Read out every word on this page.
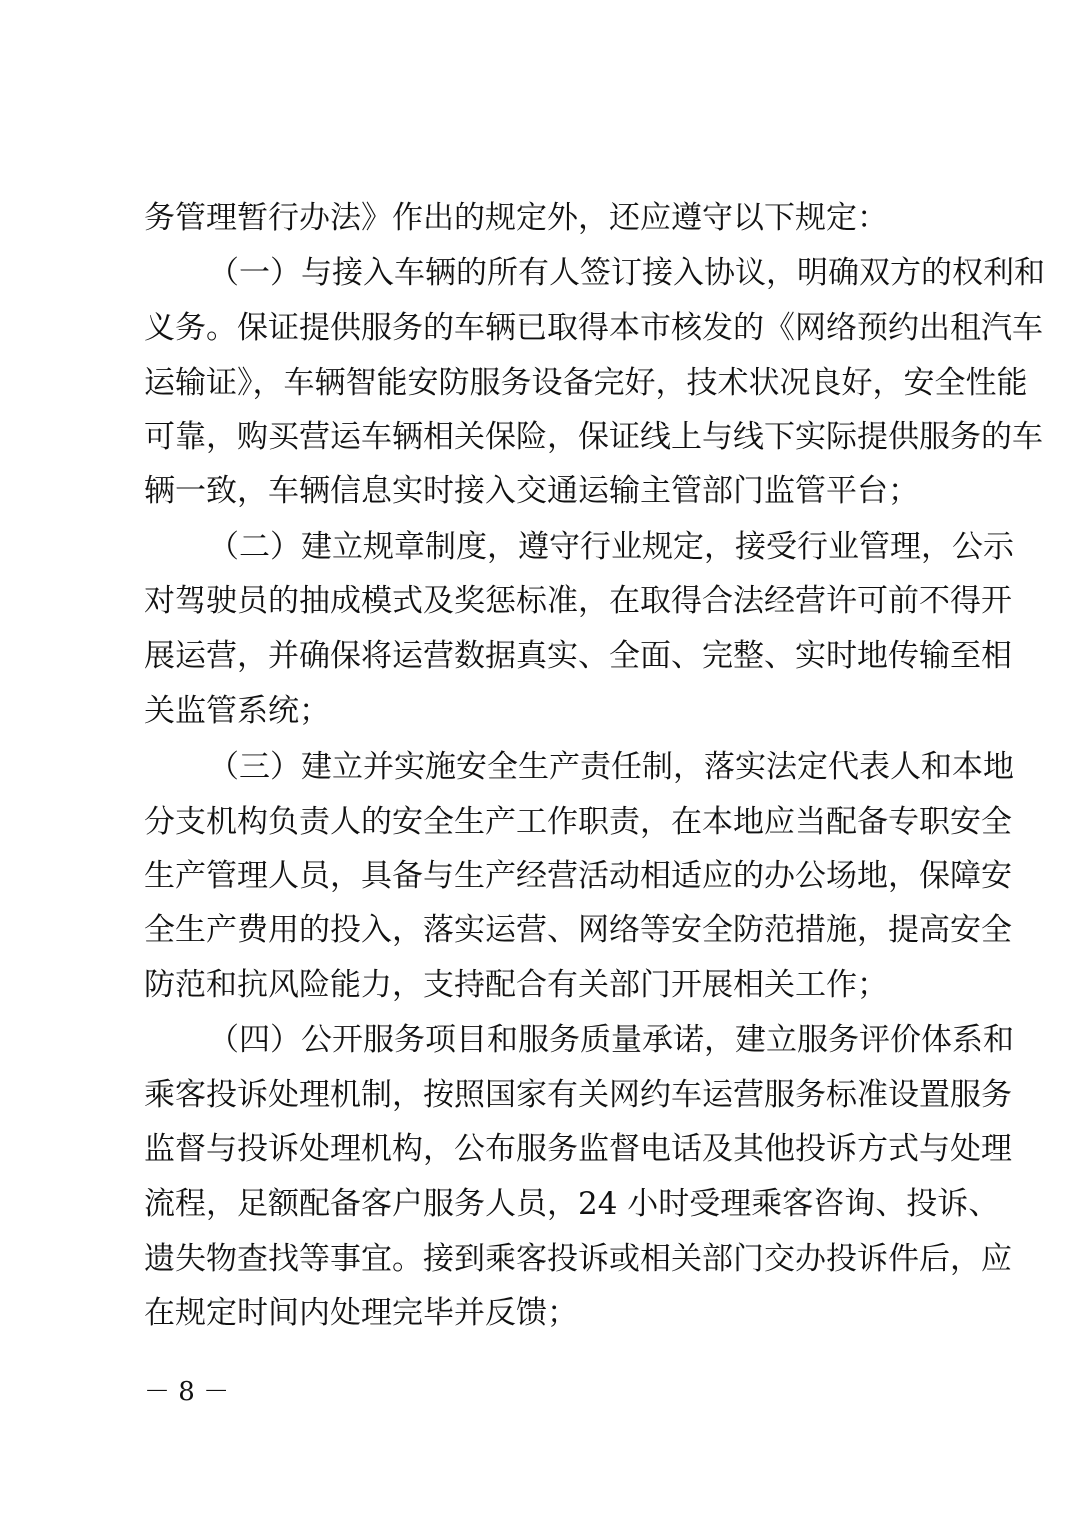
务管理暂行办法》作出的规定外，还应遵守以下规定：
（一）与接入车辆的所有人签订接入协议，明确双方的权利和
义务。保证提供服务的车辆已取得本市核发的《网络预约出租汽车
运输证》，车辆智能安防服务设备完好，技术状况良好，安全性能
可靠，购买营运车辆相关保险，保证线上与线下实际提供服务的车
辆一致，车辆信息实时接入交通运输主管部门监管平台；
（二）建立规章制度，遵守行业规定，接受行业管理，公示
对驾驶员的抽成模式及奖惩标准，在取得合法经营许可前不得开
展运营，并确保将运营数据真实、全面、完整、实时地传输至相
关监管系统；
（三）建立并实施安全生产责任制，落实法定代表人和本地
分支机构负责人的安全生产工作职责，在本地应当配备专职安全
生产管理人员，具备与生产经营活动相适应的办公场地，保障安
全生产费用的投入，落实运营、网络等安全防范措施，提高安全
防范和抗风险能力，支持配合有关部门开展相关工作；
（四）公开服务项目和服务质量承诺，建立服务评价体系和
乘客投诉处理机制，按照国家有关网约车运营服务标准设置服务
监督与投诉处理机构，公布服务监督电话及其他投诉方式与处理
流程，足额配备客户服务人员，24 小时受理乘客咨询、投诉、
遗失物查找等事宜。接到乘客投诉或相关部门交办投诉件后，应
在规定时间内处理完毕并反馈；
－ 8 －
